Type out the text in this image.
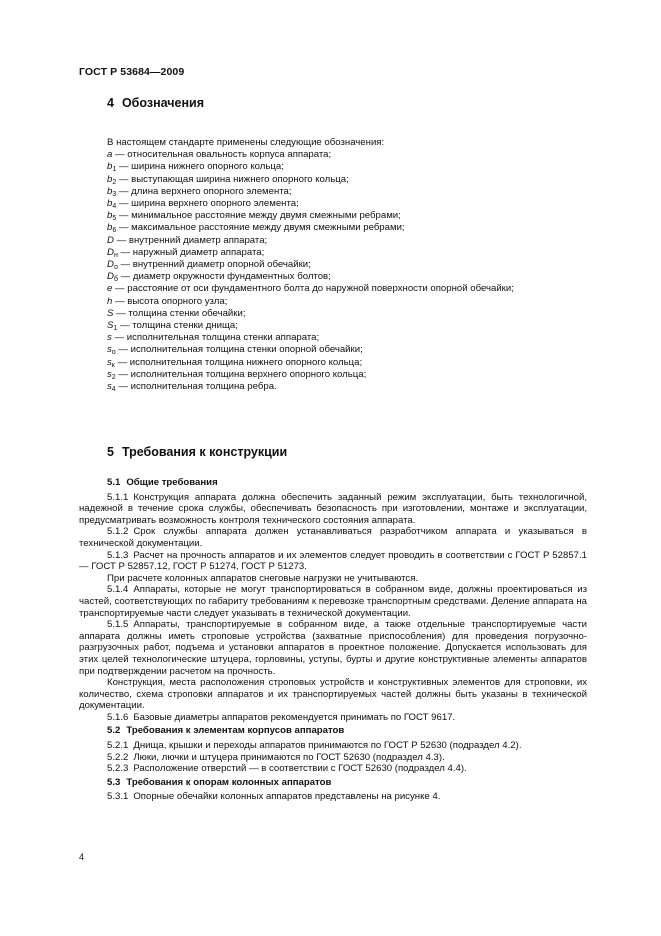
ГОСТ Р 53684—2009
4 Обозначения
В настоящем стандарте применены следующие обозначения:
a — относительная овальность корпуса аппарата;
$b_1$ — ширина нижнего опорного кольца;
$b_2$ — выступающая ширина нижнего опорного кольца;
$b_3$ — длина верхнего опорного элемента;
$b_4$ — ширина верхнего опорного элемента;
$b_5$ — минимальное расстояние между двумя смежными ребрами;
$b_6$ — максимальное расстояние между двумя смежными ребрами;
D — внутренний диаметр аппарата;
$D_н$ — наружный диаметр аппарата;
$D_о$ — внутренний диаметр опорной обечайки;
$D_б$ — диаметр окружности фундаментных болтов;
e — расстояние от оси фундаментного болта до наружной поверхности опорной обечайки;
h — высота опорного узла;
S — толщина стенки обечайки;
$S_1$ — толщина стенки днища;
s — исполнительная толщина стенки аппарата;
$s_о$ — исполнительная толщина стенки опорной обечайки;
$s_к$ — исполнительная толщина нижнего опорного кольца;
$s_2$ — исполнительная толщина верхнего опорного кольца;
$s_4$ — исполнительная толщина ребра.
5 Требования к конструкции

5.1 Общие требования

5.1.1 Конструкция аппарата должна обеспечить заданный режим эксплуатации, быть технологичной, надежной в течение срока службы, обеспечивать безопасность при изготовлении, монтаже и эксплуатации, предусматривать возможность контроля технического состояния аппарата.

5.1.2 Срок службы аппарата должен устанавливаться разработчиком аппарата и указываться в технической документации.

5.1.3 Расчет на прочность аппаратов и их элементов следует проводить в соответствии с ГОСТ Р 52857.1 — ГОСТ Р 52857.12, ГОСТ Р 51274, ГОСТ Р 51273.

При расчете колонных аппаратов снеговые нагрузки не учитываются.

5.1.4 Аппараты, которые не могут транспортироваться в собранном виде, должны проектироваться из частей, соответствующих по габариту требованиям к перевозке транспортным средствами. Деление аппарата на транспортируемые части следует указывать в технической документации.

5.1.5 Аппараты, транспортируемые в собранном виде, а также отдельные транспортируемые части аппарата должны иметь строповые устройства (захватные приспособления) для проведения погрузочно-разгрузочных работ, подъема и установки аппаратов в проектное положение. Допускается использовать для этих целей технологические штуцера, горловины, уступы, бурты и другие конструктивные элементы аппаратов при подтверждении расчетом на прочность.

Конструкция, места расположения строповых устройств и конструктивных элементов для строповки, их количество, схема строповки аппаратов и их транспортируемых частей должны быть указаны в технической документации.

5.1.6 Базовые диаметры аппаратов рекомендуется принимать по ГОСТ 9617.

5.2 Требования к элементам корпусов аппаратов

5.2.1 Днища, крышки и переходы аппаратов принимаются по ГОСТ Р 52630 (подраздел 4.2).

5.2.2 Люки, лючки и штуцера принимаются по ГОСТ 52630 (подраздел 4.3).

5.2.3 Расположение отверстий — в соответствии с ГОСТ 52630 (подраздел 4.4).

5.3 Требования к опорам колонных аппаратов

5.3.1 Опорные обечайки колонных аппаратов представлены на рисунке 4.

4
